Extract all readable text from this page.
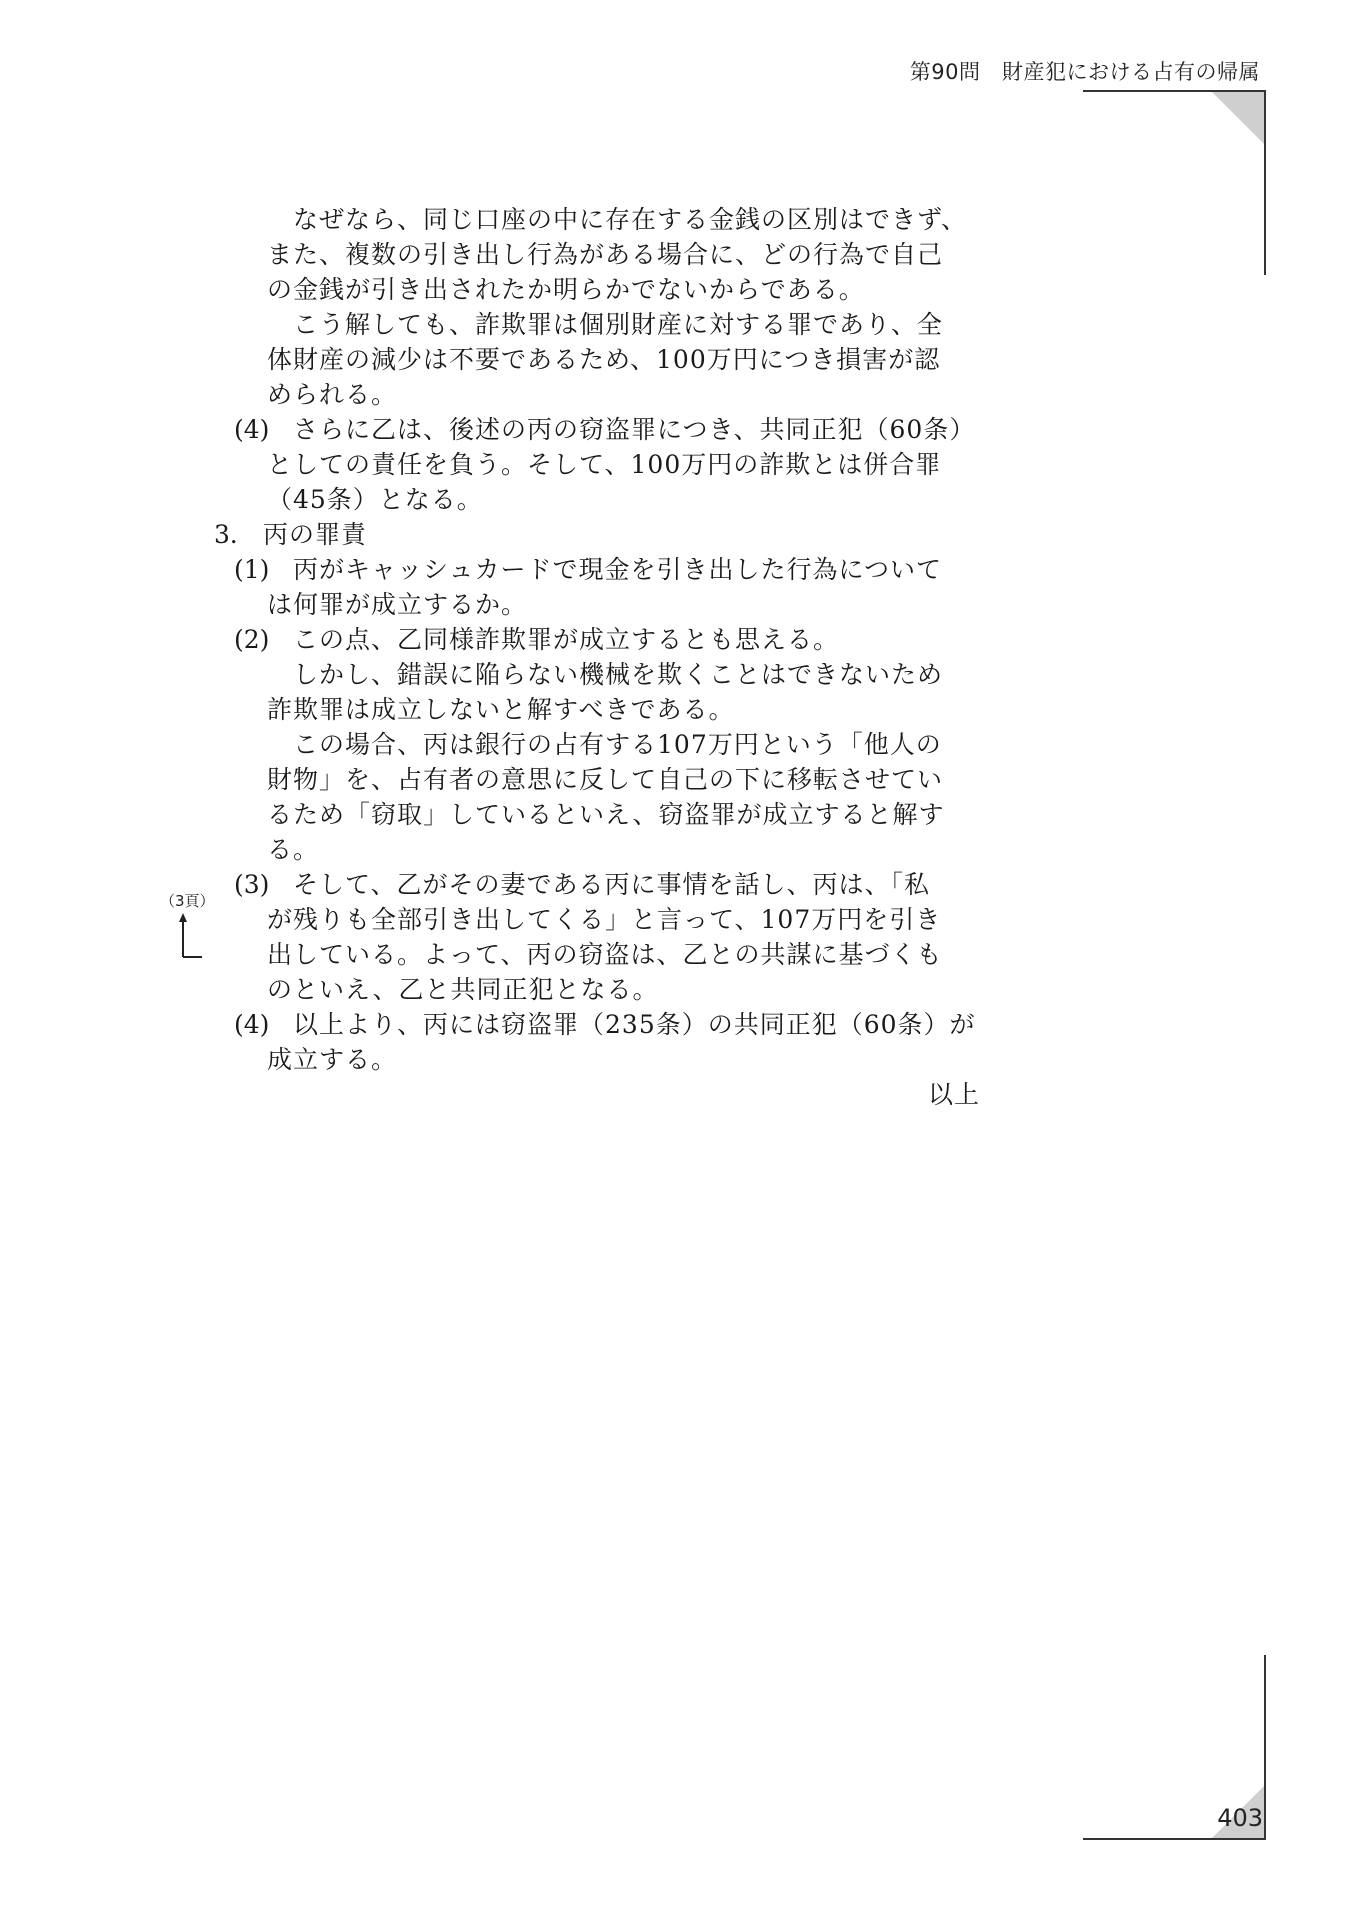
第90問　財産犯における占有の帰属
なぜなら、同じ口座の中に存在する金銭の区別はできず、
また、複数の引き出し行為がある場合に、どの行為で自己
の金銭が引き出されたか明らかでないからである。
こう解しても、詐欺罪は個別財産に対する罪であり、全
体財産の減少は不要であるため、100万円につき損害が認
められる。
(4) さらに乙は、後述の丙の窃盗罪につき、共同正犯（60条）
としての責任を負う。そして、100万円の詐欺とは併合罪
（45条）となる。
3． 丙の罪責
(1) 丙がキャッシュカードで現金を引き出した行為について
は何罪が成立するか。
(2) この点、乙同様詐欺罪が成立するとも思える。
しかし、錯誤に陥らない機械を欺くことはできないため
詐欺罪は成立しないと解すべきである。
この場合、丙は銀行の占有する107万円という「他人の
財物」を、占有者の意思に反して自己の下に移転させてい
るため「窃取」しているといえ、窃盗罪が成立すると解す
る。
(3) そして、乙がその妻である丙に事情を話し、丙は、「私
が残りも全部引き出してくる」と言って、107万円を引き
出している。よって、丙の窃盗は、乙との共謀に基づくも
のといえ、乙と共同正犯となる。
(4) 以上より、丙には窃盗罪（235条）の共同正犯（60条）が
成立する。
以上
（3頁）
403
